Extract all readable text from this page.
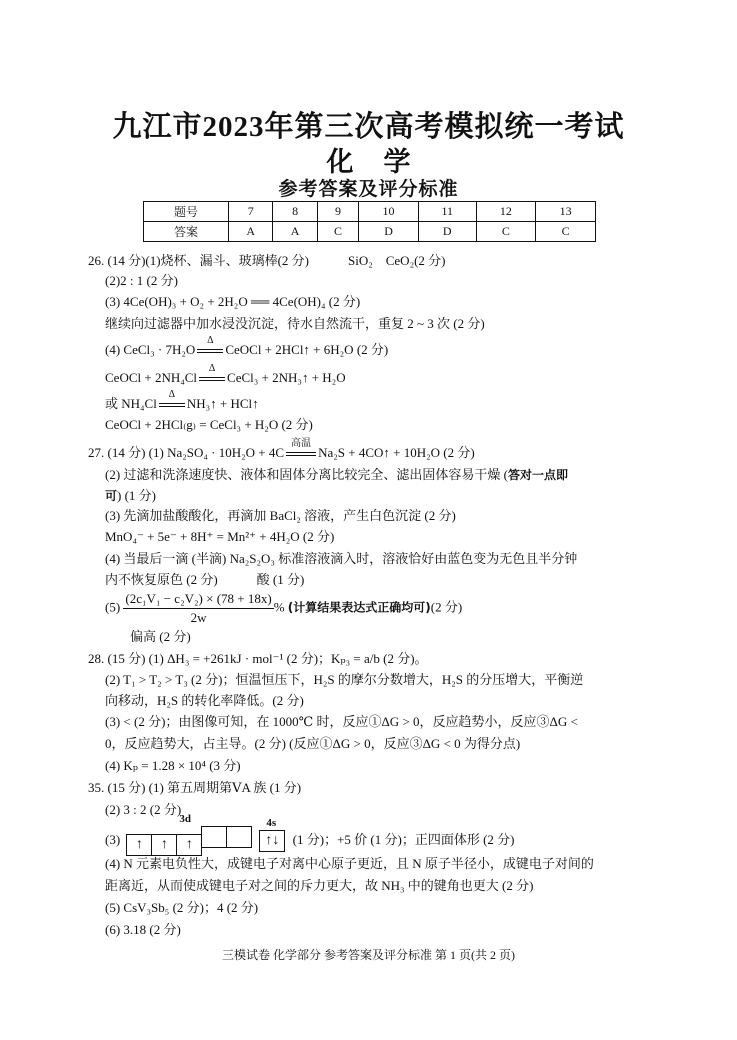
九江市2023年第三次高考模拟统一考试
化学
参考答案及评分标准
题号	7	8	9	10	11	12	13
答案	A	A	C	D	D	C	C
26. (14 分)(1)烧杯、漏斗、玻璃棒(2 分)　　　SiO₂　CeO₂(2 分)
(2)2 : 1 (2 分)
(3) 4Ce(OH)₃ + O₂ + 2H₂O ══ 4Ce(OH)₄ (2 分)
继续向过滤器中加水浸没沉淀，待水自然流干，重复 2 ~ 3 次 (2 分)
(4) CeCl₃ · 7H₂O
Δ
CeOCl + 2HCl↑ + 6H₂O (2 分)
CeOCl + 2NH₄Cl
Δ
CeCl₃ + 2NH₃↑ + H₂O
或 NH₄Cl
Δ
NH₃↑ + HCl↑
CeOCl + 2HCl₍g₎ = CeCl₃ + H₂O (2 分)
27. (14 分) (1) Na₂SO₄ · 10H₂O + 4C
高温
Na₂S + 4CO↑ + 10H₂O (2 分)
(2) 过滤和洗涤速度快、液体和固体分离比较完全、滤出固体容易干燥 (答对一点即
可) (1 分)
(3) 先滴加盐酸酸化，再滴加 BaCl₂ 溶液，产生白色沉淀 (2 分)
MnO₄⁻ + 5e⁻ + 8H⁺ = Mn²⁺ + 4H₂O (2 分)
(4) 当最后一滴 (半滴) Na₂S₂O₃ 标准溶液滴入时，溶液恰好由蓝色变为无色且半分钟
内不恢复原色 (2 分)　　　酸 (1 分)
$(5) \frac{\text{(2c₁V₁ − c₂V₂) × (78 + 18x)}}{2w}$ % (计算结果表达式正确均可)(2 分)
偏高 (2 分)
28. (15 分) (1) ΔH₃ = +261kJ · mol⁻¹ (2 分)；Kₚ₃ = a/b (2 分)。
(2) T₁ > T₂ > T₃ (2 分)；恒温恒压下，H₂S 的摩尔分数增大，H₂S 的分压增大，平衡逆
向移动，H₂S 的转化率降低。(2 分)
(3) < (2 分)；由图像可知，在 1000℃ 时，反应①ΔG > 0，反应趋势小，反应③ΔG <
0，反应趋势大，占主导。(2 分) (反应①ΔG > 0，反应③ΔG < 0 为得分点)
(4) Kₚ = 1.28 × 10⁴ (3 分)
35. (15 分) (1) 第五周期第ⅤA 族 (1 分)
(2) 3 : 2 (2 分)
(3)
3d
↑ ↑ ↑
4s
↑↓ (1 分)；+5 价 (1 分)；正四面体形 (2 分)
(4) N 元素电负性大，成键电子对离中心原子更近，且 N 原子半径小，成键电子对间的
距离近，从而使成键电子对之间的斥力更大，故 NH₃ 中的键角也更大 (2 分)
(5) CsV₃Sb₅ (2 分)；4 (2 分)
(6) 3.18 (2 分)
三模试卷 化学部分 参考答案及评分标准 第 1 页(共 2 页)
